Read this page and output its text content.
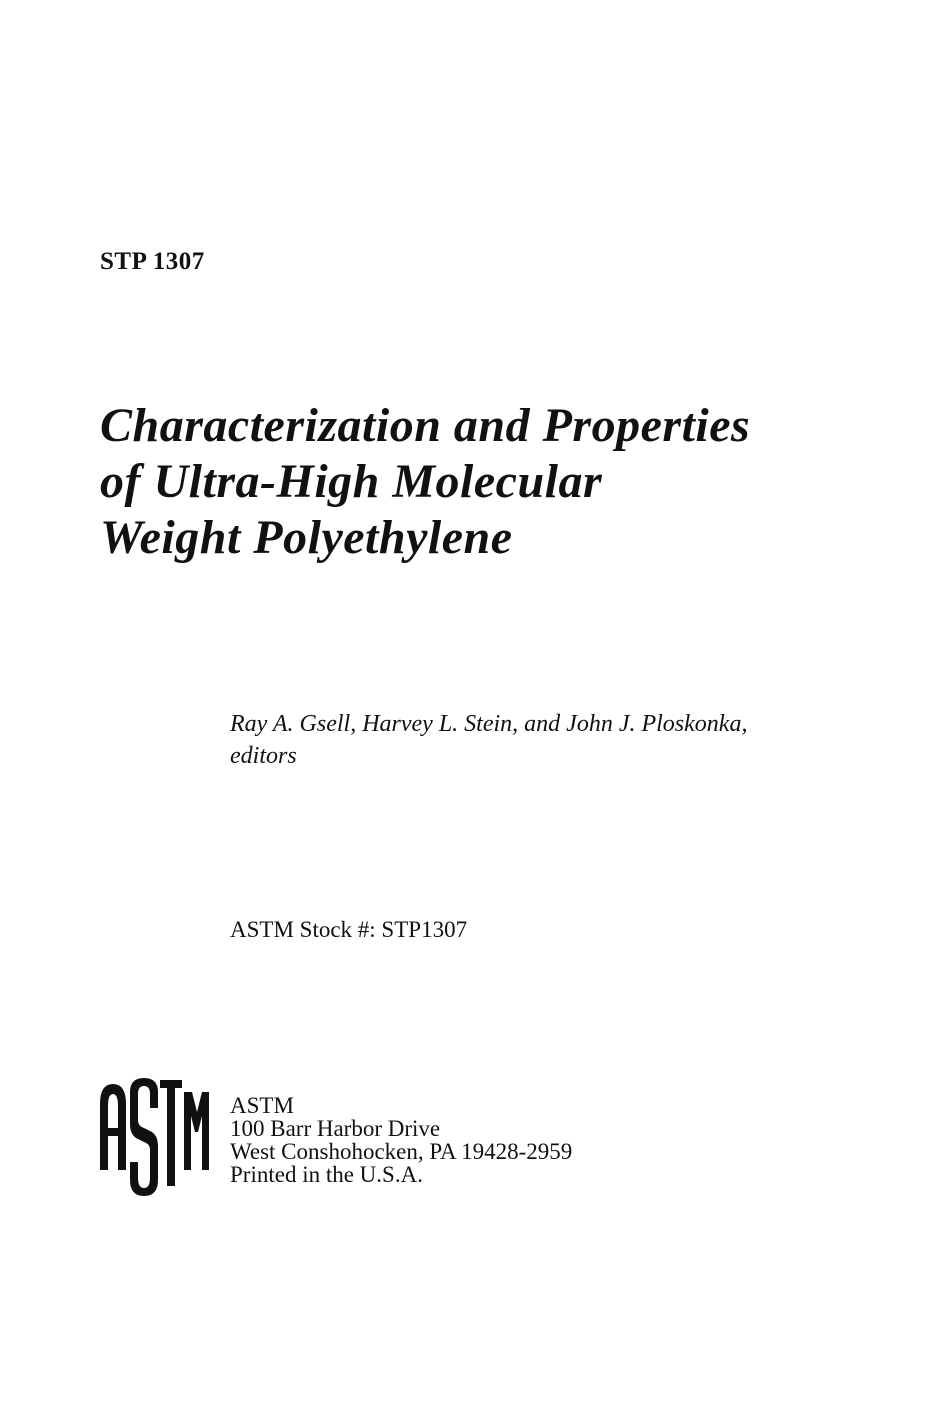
STP 1307

Characterization and Properties
of Ultra-High Molecular
Weight Polyethylene
Ray A. Gsell, Harvey L. Stein, and John J. Ploskonka,
editors
ASTM Stock #: STP1307
ASTM
100 Barr Harbor Drive
West Conshohocken, PA 19428-2959
Printed in the U.S.A.
